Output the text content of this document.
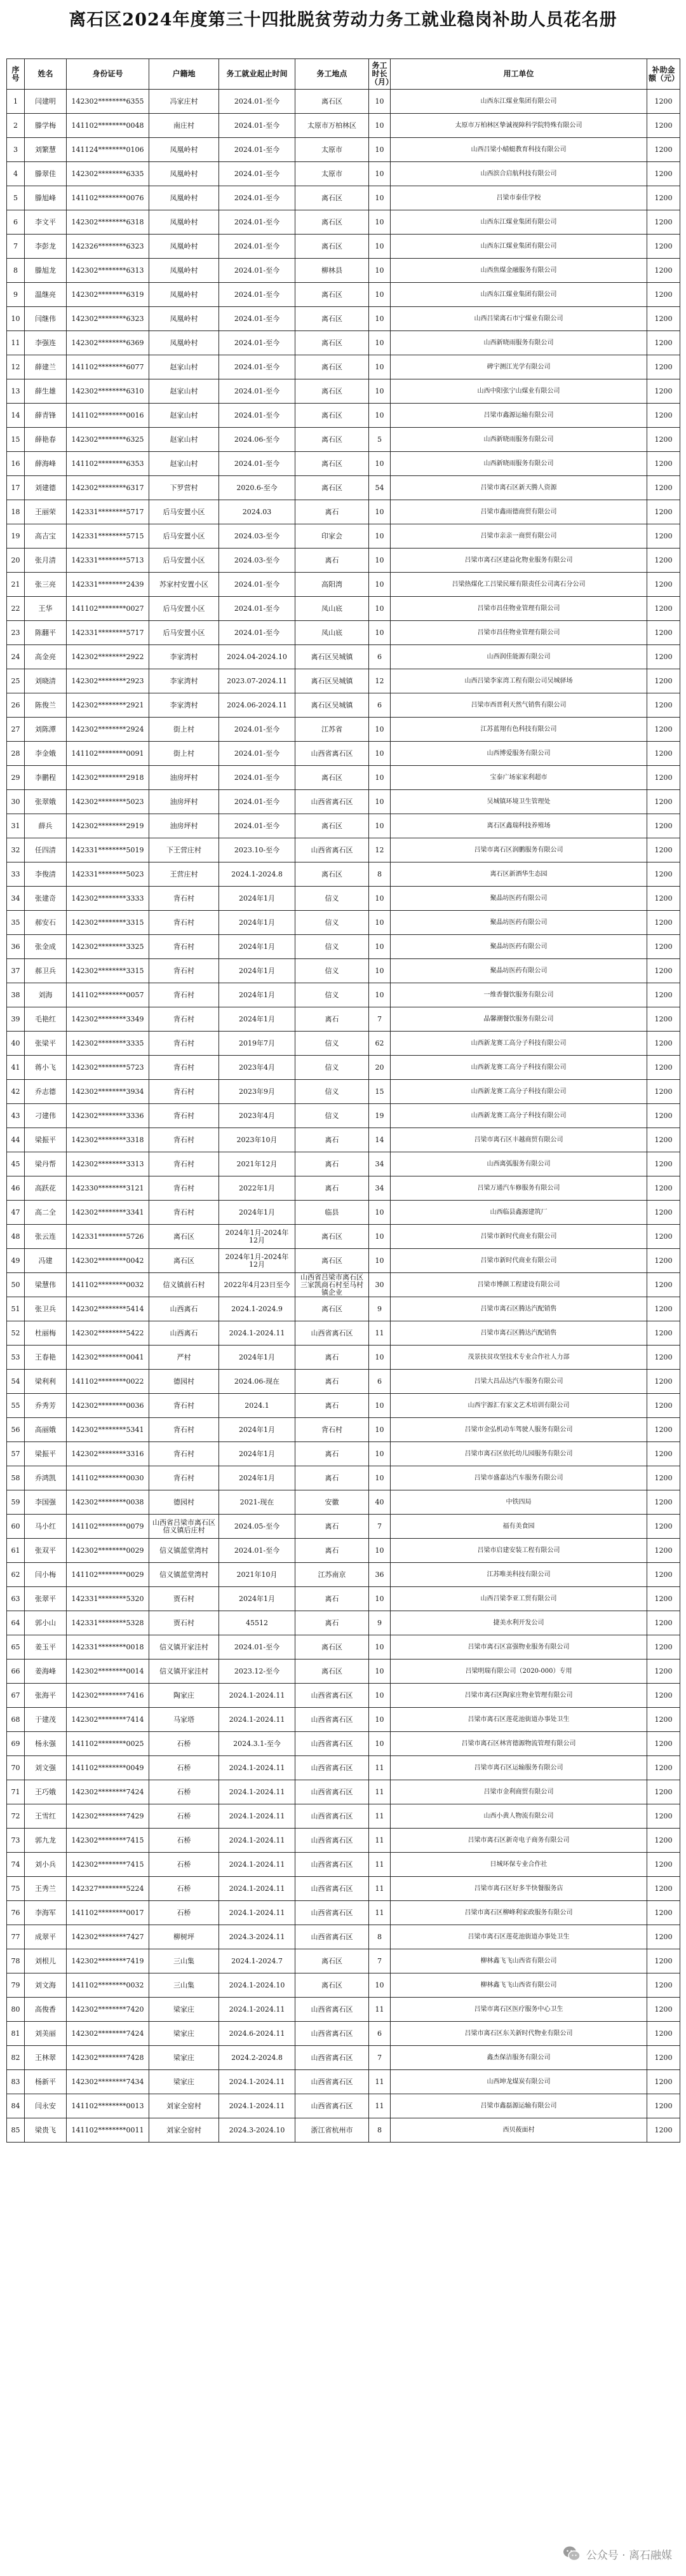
离石区2024年度第三十四批脱贫劳动力务工就业稳岗补助人员花名册
序号	姓名	身份证号	户籍地	务工就业起止时间	务工地点	务工时长（月）	用工单位	补助金额（元）
1	闫建明	142302********6355	冯家庄村	2024.01-至今	离石区	10	山西东江煤业集团有限公司	1200
2	滕学梅	141102********0048	南庄村	2024.01-至今	太原市万柏林区	10	太原市万柏林区挚诚视障科学院特殊有限公司	1200
3	刘繁慧	141124********0106	凤凰岭村	2024.01-至今	太原市	10	山西吕梁小蜻蜓教育科技有限公司	1200
4	滕翠佳	142302********6335	凤凰岭村	2024.01-至今	太原市	10	山西滨合启航科技有限公司	1200
5	滕旭峰	141102********0076	凤凰岭村	2024.01-至今	离石区	10	吕梁市泰佳学校	1200
6	李文平	142302********6318	凤凰岭村	2024.01-至今	离石区	10	山西东江煤业集团有限公司	1200
7	李彭龙	142326********6323	凤凰岭村	2024.01-至今	离石区	10	山西东江煤业集团有限公司	1200
8	滕旭龙	142302********6313	凤凰岭村	2024.01-至今	柳林县	10	山西焦煤金融服务有限公司	1200
9	温继亮	142302********6319	凤凰岭村	2024.01-至今	离石区	10	山西东江煤业集团有限公司	1200
10	闫继伟	142302********6323	凤凰岭村	2024.01-至今	离石区	10	山西吕梁离石市宁煤业有限公司	1200
11	李强连	142302********6369	凤凰岭村	2024.01-至今	离石区	10	山西新晓雨服务有限公司	1200
12	薛建兰	141102********6077	赵家山村	2024.01-至今	离石区	10	碑宇测江光学有限公司	1200
13	薛生雄	142302********6310	赵家山村	2024.01-至今	离石区	10	山西中阳张宁山煤业有限公司	1200
14	薛青锋	141102********0016	赵家山村	2024.01-至今	离石区	10	吕梁市鑫源运输有限公司	1200
15	薛艳春	142302********6325	赵家山村	2024.06-至今	离石区	5	山西新晓雨服务有限公司	1200
16	薛海峰	141102********6353	赵家山村	2024.01-至今	离石区	10	山西新晓雨服务有限公司	1200
17	刘建德	142302********6317	下罗营村	2020.6-至今	离石区	54	吕梁市离石区新天腾人资源	1200
18	王丽荣	142331********5717	后马安置小区	2024.03	离石	10	吕梁市鑫雨德商贸有限公司	1200
19	高吉宝	142331********5715	后马安置小区	2024.03-至今	印家会	10	吕梁市亲亲一商贸有限公司	1200
20	张月清	142331********5713	后马安置小区	2024.03-至今	离石	10	吕梁市离石区建益化物业服务有限公司	1200
21	张三亮	142331********2439	苏家村安置小区	2024.01-至今	高阳湾	10	吕梁热煤化工吕梁民璀有限责任公司离石分公司	1200
22	王华	141102********0027	后马安置小区	2024.01-至今	凤山底	10	吕梁市昌佳物业管理有限公司	1200
23	陈翻平	142331********5717	后马安置小区	2024.01-至今	凤山底	10	吕梁市昌佳物业管理有限公司	1200
24	高金亮	142302********2922	李家湾村	2024.04-2024.10	离石区吴城镇	6	山西润佳能源有限公司	1200
25	刘晓清	142302********2923	李家湾村	2023.07-2024.11	离石区吴城镇	12	山西吕梁李家湾工程有限公司吴城驿场	1200
26	陈俊兰	142302********2921	李家湾村	2024.06-2024.11	离石区吴城镇	6	吕梁市西晋利天然气销售有限公司	1200
27	刘陈潭	142302********2924	街上村	2024.01-至今	江苏省	10	江苏蓝翔有色科技有限公司	1200
28	李金娥	141102********0091	街上村	2024.01-至今	山西省离石区	10	山西博爱服务有限公司	1200
29	李鹏程	142302********2918	油房坪村	2024.01-至今	离石区	10	宝泰广场家家利超市	1200
30	张翠娥	142302********5023	油房坪村	2024.01-至今	山西省离石区	10	吴城镇环境卫生管理处	1200
31	薛兵	142302********2919	油房坪村	2024.01-至今	离石区	10	离石区鑫瑞科技养殖场	1200
32	任四清	142331********5019	下王营庄村	2023.10-至今	山西省离石区	12	吕梁市离石区润鹏服务有限公司	1200
33	李俊清	142331********5023	王营庄村	2024.1-2024.8	离石区	8	离石区新酒华生态园	1200
34	张建奇	142302********3333	背石村	2024年1月	信义	10	聚晶坊医药有限公司	1200
35	郝安石	142302********3315	背石村	2024年1月	信义	10	聚晶坊医药有限公司	1200
36	张金成	142302********3325	背石村	2024年1月	信义	10	聚晶坊医药有限公司	1200
37	郝卫兵	142302********3315	背石村	2024年1月	信义	10	聚晶坊医药有限公司	1200
38	刘海	141102********0057	背石村	2024年1月	信义	10	一维香餐饮服务有限公司	1200
39	毛艳红	142302********3349	背石村	2024年1月	离石	7	晶馨潮餐饮服务有限公司	1200
40	张梁平	142302********3335	背石村	2019年7月	信义	62	山西新龙赛工高分子科技有限公司	1200
41	蒋小飞	142302********5723	背石村	2023年4月	信义	20	山西新龙赛工高分子科技有限公司	1200
42	乔志德	142302********3934	背石村	2023年9月	信义	15	山西新龙赛工高分子科技有限公司	1200
43	刁建伟	142302********3336	背石村	2023年4月	信义	19	山西新龙赛工高分子科技有限公司	1200
44	梁振平	142302********3318	背石村	2023年10月	离石	14	吕梁市离石区丰越商贸有限公司	1200
45	梁丹帮	142302********3313	背石村	2021年12月	离石	34	山西离弧服务有限公司	1200
46	高跃花	142330********3121	背石村	2022年1月	离石	34	吕梁万通汽车修服务有限公司	1200
47	高二全	142302********3341	背石村	2024年1月	临县	10	山西临县鑫源建筑厂	1200
48	张云连	142331********5726	离石区	2024年1月-2024年12月	离石区	10	吕梁市新时代商业有限公司	1200
49	冯建	142302********0042	离石区	2024年1月-2024年12月	离石区	10	吕梁市新时代商业有限公司	1200
50	梁慧伟	141102********0032	信义镇前石村	2022年4月23日至今	山西省吕梁市离石区三家凯商石村至马村镇企业	30	吕梁市博颜工程建设有限公司	1200
51	张卫兵	142302********5414	山西离石	2024.1-2024.9	离石区	9	吕梁市离石区腾达汽配销售	1200
52	杜丽梅	142302********5422	山西离石	2024.1-2024.11	山西省离石区	11	吕梁市离石区腾达汽配销售	1200
53	王春艳	142302********0041	严村	2024年1月	离石	10	茂景扶贫攻坚技术专业合作社人力部	1200
54	梁利利	141102********0022	德园村	2024.06-现在	离石	6	吕梁大昌品达汽车服务有限公司	1200
55	乔秀芳	142302********0036	背石村	2024.1	离石	10	山西宇源汇有家文艺术培训有限公司	1200
56	高丽娥	142302********5341	背石村	2024年1月	背石村	10	吕梁市金弘机动车驾驶人服务有限公司	1200
57	梁振平	142302********3316	背石村	2024年1月	离石	10	吕梁市离石区依托幼儿园服务有限公司	1200
58	乔鸿凯	141102********0030	背石村	2024年1月	离石	10	吕梁市盛嘉达汽车服务有限公司	1200
59	李国强	142302********0038	德园村	2021-现在	安徽	40	中铁四局	1200
60	马小红	141102********0079	山西省吕梁市离石区信义镇后庄村	2024.05-至今	离石	7	福有美食园	1200
61	张双平	142302********0029	信义镇蓝堂湾村	2024.01-至今	离石	10	吕梁市启建安装工程有限公司	1200
62	闫小梅	141102********0029	信义镇蓝堂湾村	2021年10月	江苏南京	36	江苏唯美科技有限公司	1200
63	张翠平	142331********5320	贾石村	2024年1月	离石	10	山西吕梁李亚工贸有限公司	1200
64	郭小山	142331********5328	贾石村	45512	离石	9	捷美水利开发公司	1200
65	姜玉平	142331********0018	信义镇开家洼村	2024.01-至今	离石区	10	吕梁市离石区富强物业服务有限公司	1200
66	姜海峰	142302********0014	信义镇开家洼村	2023.12-至今	离石区	10	吕梁明瑞有限公司（2020-000）专用	1200
67	张海平	142302********7416	陶家庄	2024.1-2024.11	山西省离石区	10	吕梁市离石区陶家庄物业管理有限公司	1200
68	于建茂	142302********7414	马家塔	2024.1-2024.11	山西省离石区	10	吕梁市离石区莲花池街道办事处卫生	1200
69	杨永强	141102********0025	石桥	2024.3.1-至今	山西省离石区	10	吕梁市离石区林宵德源物流管理有限公司	1200
70	刘文强	141102********0049	石桥	2024.1-2024.11	山西省离石区	11	吕梁市离石区运输服务有限公司	1200
71	王巧娥	142302********7424	石桥	2024.1-2024.11	山西省离石区	11	吕梁市金利商贸有限公司	1200
72	王雪红	142302********7429	石桥	2024.1-2024.11	山西省离石区	11	山西小黄人物流有限公司	1200
73	郭九龙	142302********7415	石桥	2024.1-2024.11	山西省离石区	11	吕梁市离石区新奇电子商务有限公司	1200
74	刘小兵	142302********7415	石桥	2024.1-2024.11	山西省离石区	11	日城环保专业合作社	1200
75	王秀兰	142327********5224	石桥	2024.1-2024.11	山西省离石区	11	吕梁市离石区好多半快餐服务店	1200
76	李海军	141102********0017	石桥	2024.1-2024.11	山西省离石区	11	吕梁市离石区柳峰利家政服务有限公司	1200
77	成翠平	142302********7427	柳树坪	2024.3-2024.11	山西省离石区	8	吕梁市离石区莲花池街道办事处卫生	1200
78	刘根儿	142302********7419	三山集	2024.1-2024.7	离石区	7	柳林鑫飞飞山西省有限公司	1200
79	刘文海	141102********0032	三山集	2024.1-2024.10	离石区	10	柳林鑫飞飞山西省有限公司	1200
80	高俊香	142302********7420	梁家庄	2024.1-2024.11	山西省离石区	11	吕梁市离石区医疗服务中心卫生	1200
81	刘美丽	142302********7424	梁家庄	2024.6-2024.11	山西省离石区	6	吕梁市离石区东关新时代物业有限公司	1200
82	王林翠	142302********7428	梁家庄	2024.2-2024.8	山西省离石区	7	鑫杰保洁服务有限公司	1200
83	杨新平	142302********7434	梁家庄	2024.1-2024.11	山西省离石区	11	山西坤龙煤炭有限公司	1200
84	闫永安	141102********0013	刘家全窑村	2024.1-2024.11	山西省离石区	11	吕梁市鑫磊源运输有限公司	1200
85	梁贵飞	141102********0011	刘家全窑村	2024.3-2024.10	浙江省杭州市	8	西贝莜面村	1200
公众号 · 离石融媒
